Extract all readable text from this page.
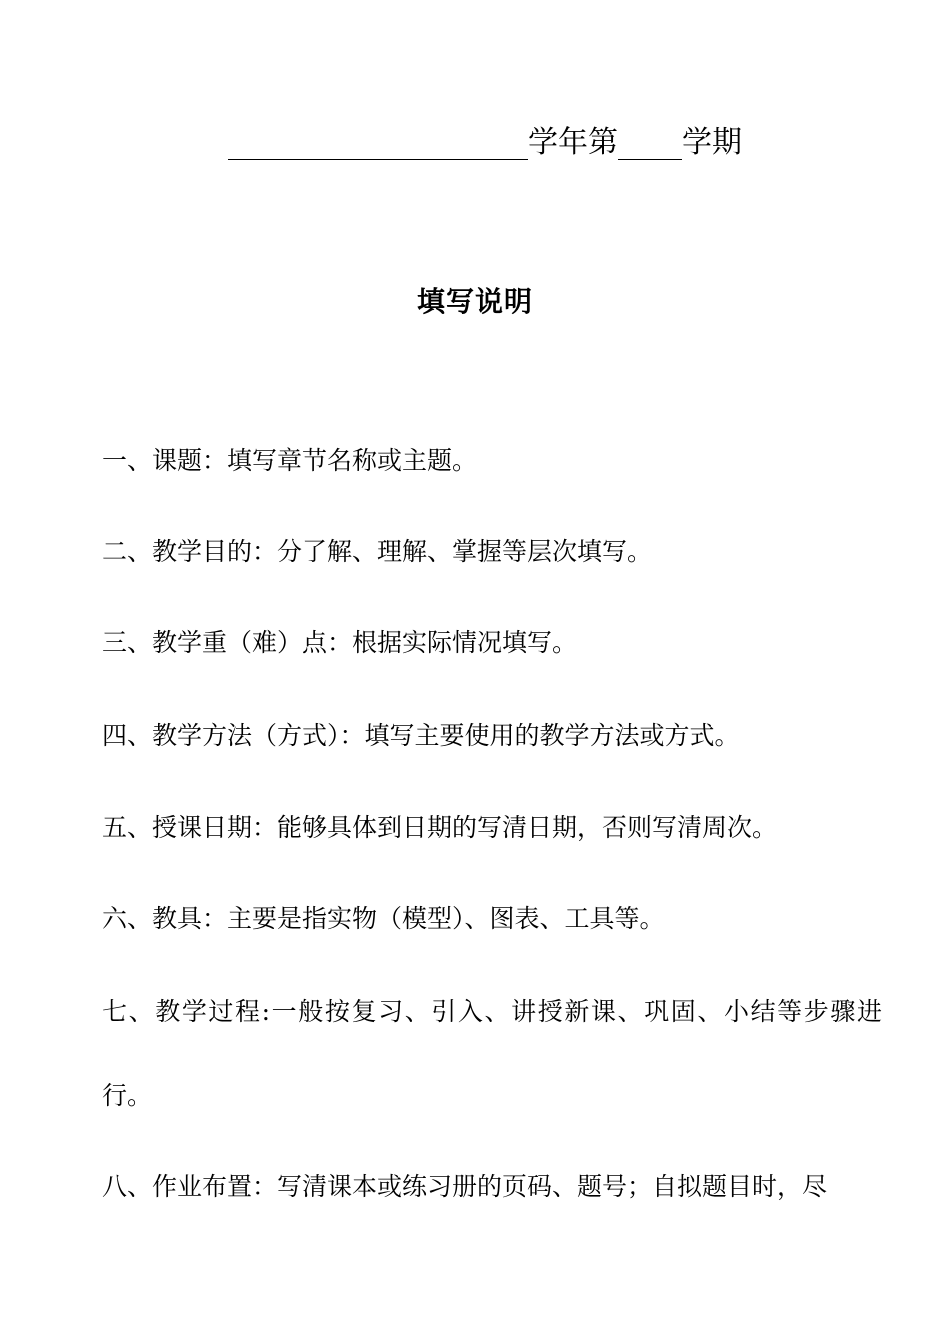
学年第 学期
填写说明
一、课题：填写章节名称或主题。
二、教学目的：分了解、理解、掌握等层次填写。
三、教学重（难）点：根据实际情况填写。
四、教学方法（方式）：填写主要使用的教学方法或方式。
五、授课日期：能够具体到日期的写清日期，否则写清周次。
六、教具：主要是指实物（模型）、图表、工具等。
七、教学过程:一般按复习、引入、讲授新课、巩固、小结等步骤进行。
八、作业布置：写清课本或练习册的页码、题号；自拟题目时，尽
